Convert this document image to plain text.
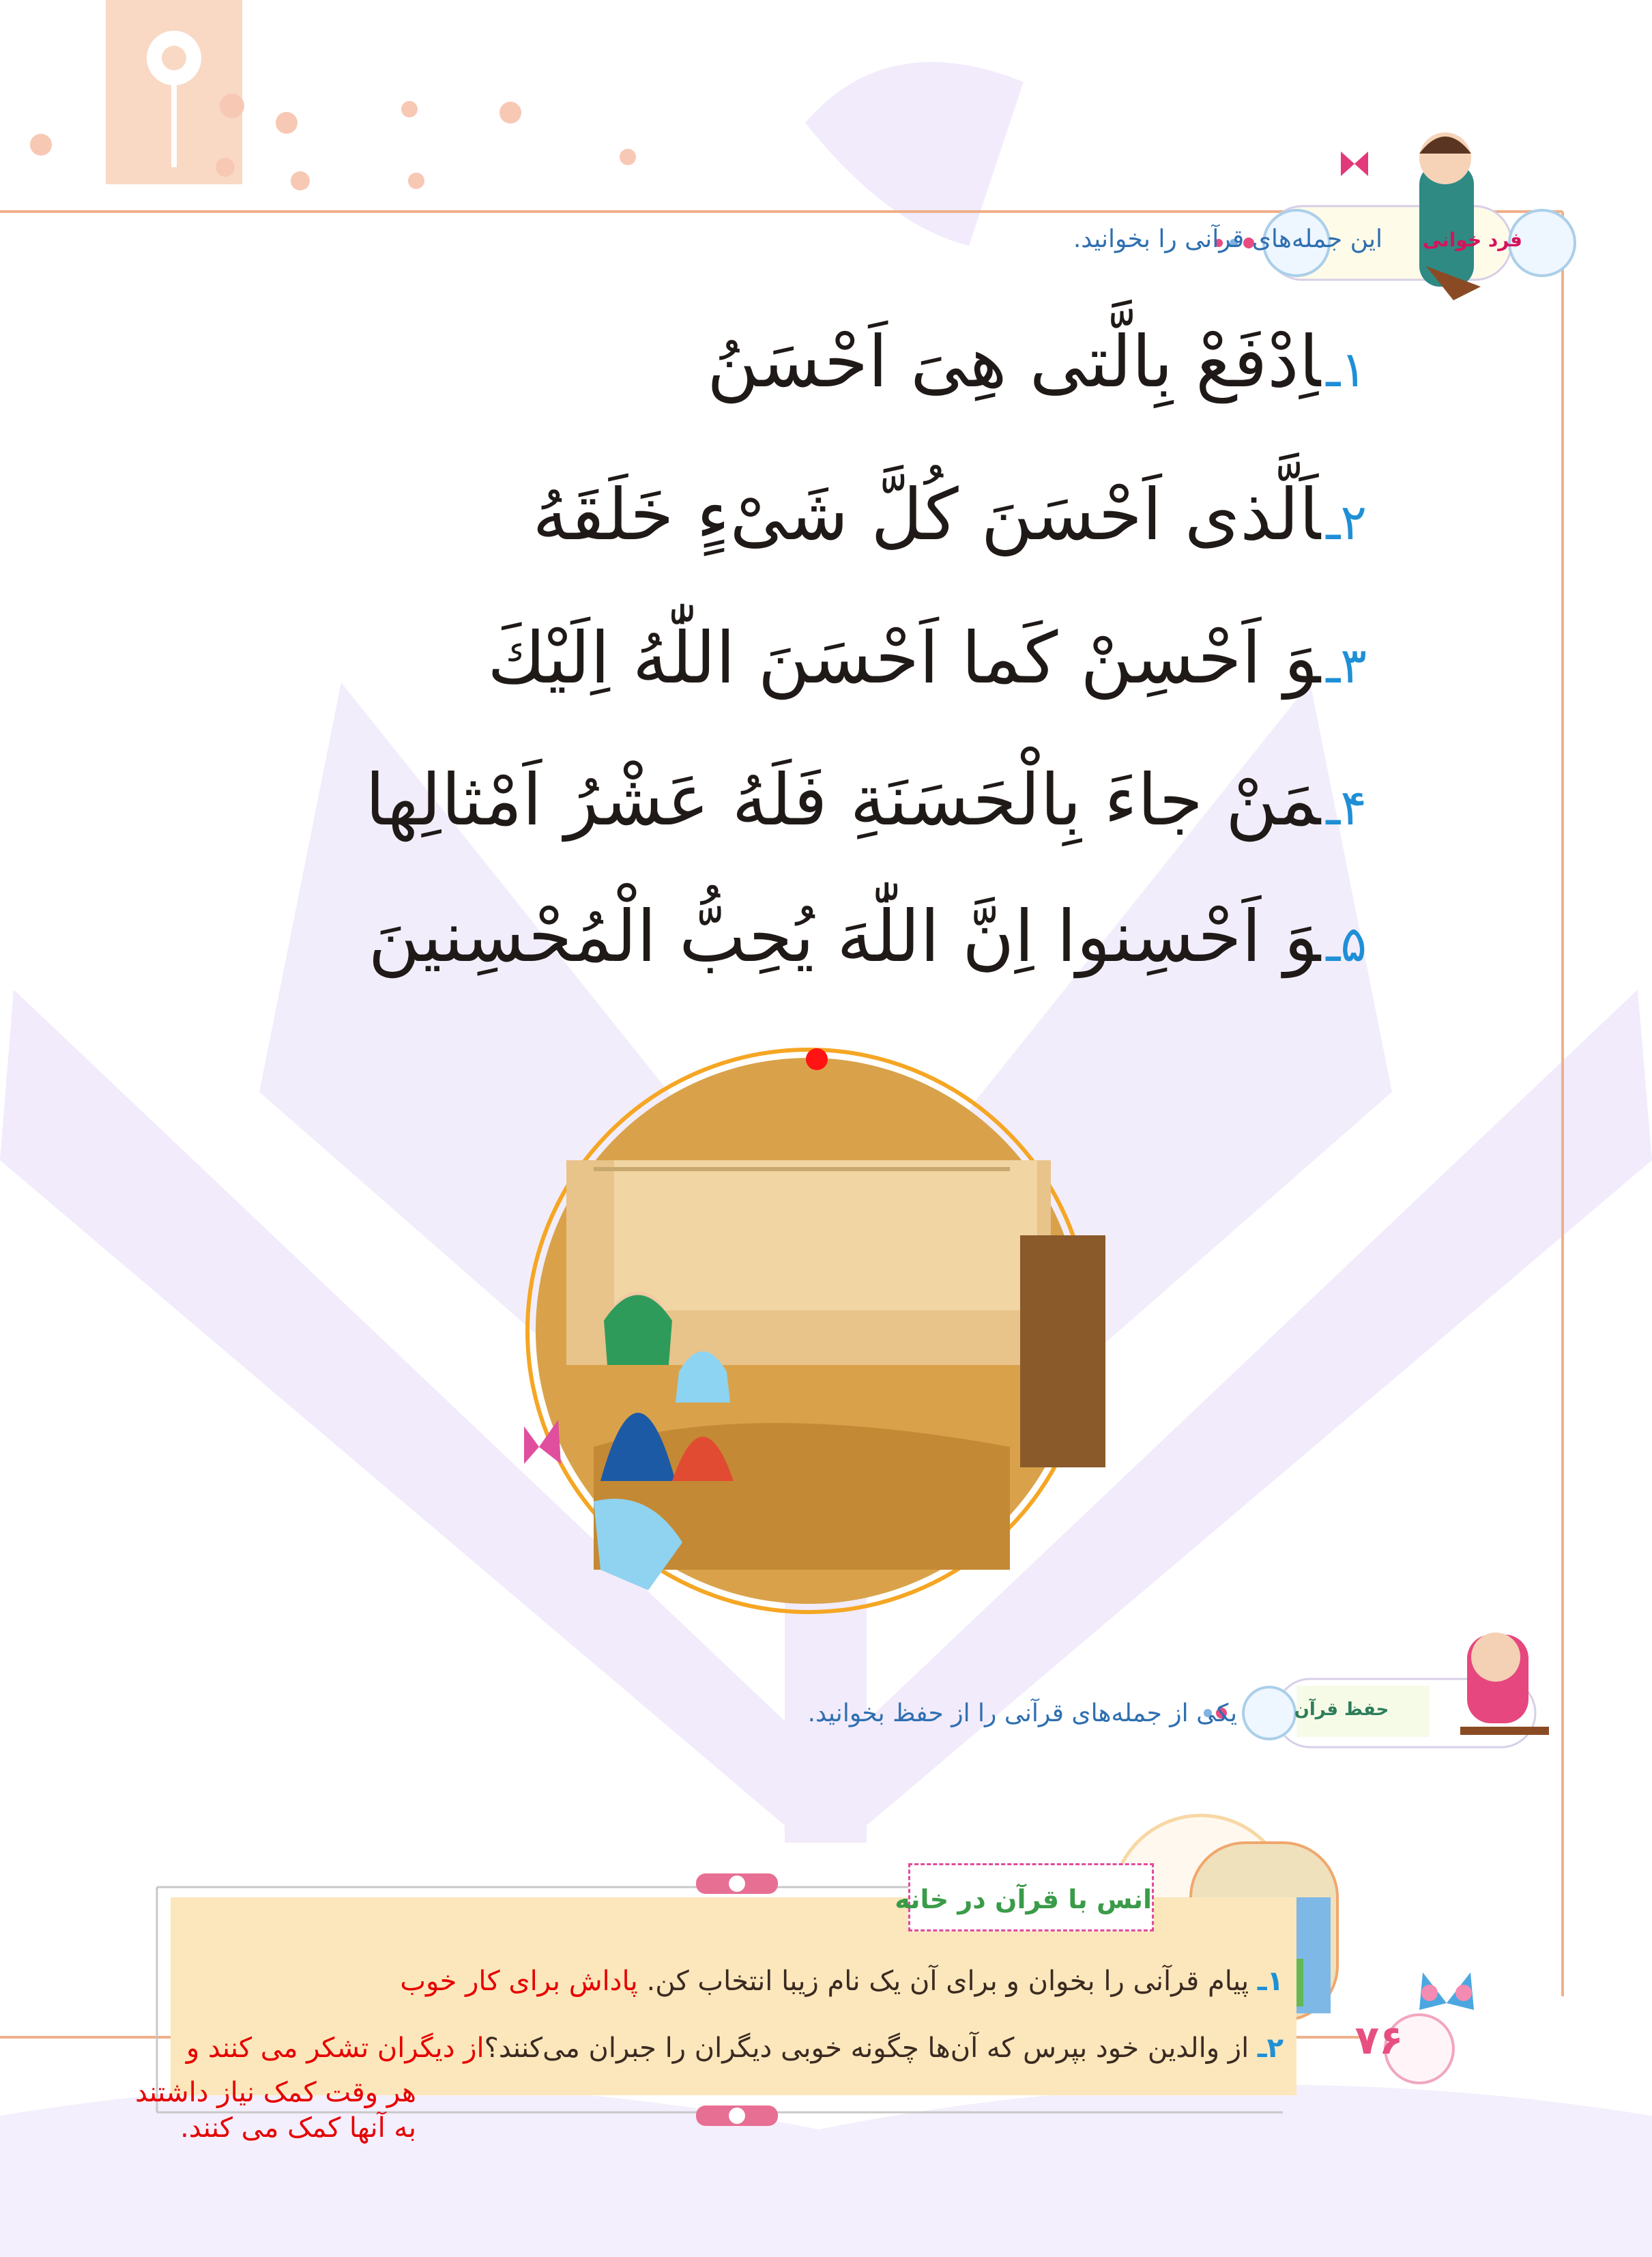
فرد خوانی
این جمله‌های قرآنی را بخوانید.
۱ـاِدْفَعْ بِالَّتی هِیَ اَحْسَنُ
۲ـاَلَّذی اَحْسَنَ كُلَّ شَیْءٍ خَلَقَهُ
۳ـوَ اَحْسِنْ كَما اَحْسَنَ اللّٰهُ اِلَیْكَ
۴ـمَنْ جاءَ بِالْحَسَنَةِ فَلَهُ عَشْرُ اَمْثالِها
۵ـوَ اَحْسِنوا اِنَّ اللّٰهَ یُحِبُّ الْمُحْسِنینَ
حفظ قرآن
یکی از جمله‌های قرآنی را از حفظ بخوانید.
انس با قرآن در خانه
۱ـ پیام قرآنی را بخوان و برای آن یک نام زیبا انتخاب کن. پاداش برای کار خوب
۲ـ از والدین خود بپرس که آن‌ها چگونه خوبی دیگران را جبران می‌کنند؟از دیگران تشکر می کنند و
هر وقت کمک نیاز داشتند به آنها کمک می کنند.
۷۶
